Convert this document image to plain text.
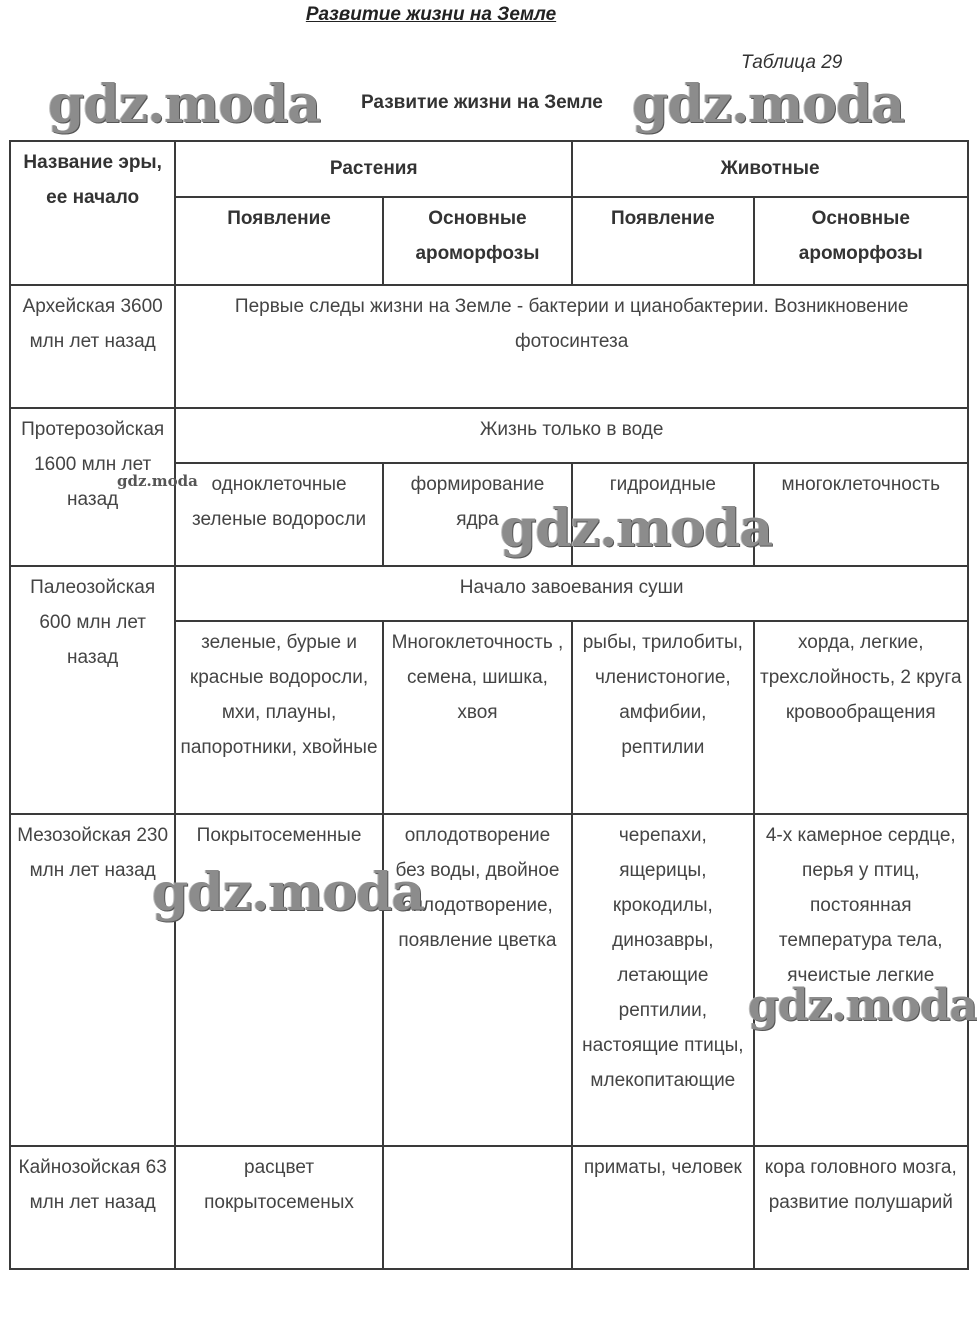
Развитие жизни на Земле
Таблица 29
Развитие жизни на Земле
Название эры, ее начало	Растения		Животные	
	Появление	Основные ароморфозы	Появление	Основные ароморфозы
Архейская 3600 млн лет назад	Первые следы жизни на Земле - бактерии и цианобактерии. Возникновение фотосинтеза			
Протерозойская 1600 млн лет назад	Жизнь только в воде			
	одноклеточные зеленые водоросли	формирование ядра	гидроидные	многоклеточность
Палеозойская 600 млн лет назад	Начало завоевания суши			
	зеленые, бурые и красные водоросли, мхи, плауны, папоротники, хвойные	Многоклеточность , семена, шишка, хвоя	рыбы, трилобиты, членистоногие, амфибии, рептилии	хорда, легкие, трехслойность, 2 круга кровообращения
Мезозойская 230 млн лет назад	Покрытосеменные	оплодотворение без воды, двойное оплодотворение, появление цветка	черепахи, ящерицы, крокодилы, динозавры, летающие рептилии, настоящие птицы, млекопитающие	4-х камерное сердце, перья у птиц, постоянная температура тела, ячеистые легкие
Кайнозойская 63 млн лет назад	расцвет покрытосеменых		приматы, человек	кора головного мозга, развитие полушарий
gdz.moda	gdz.moda
gdz.moda
gdz.moda
gdz.moda
gdz.moda
